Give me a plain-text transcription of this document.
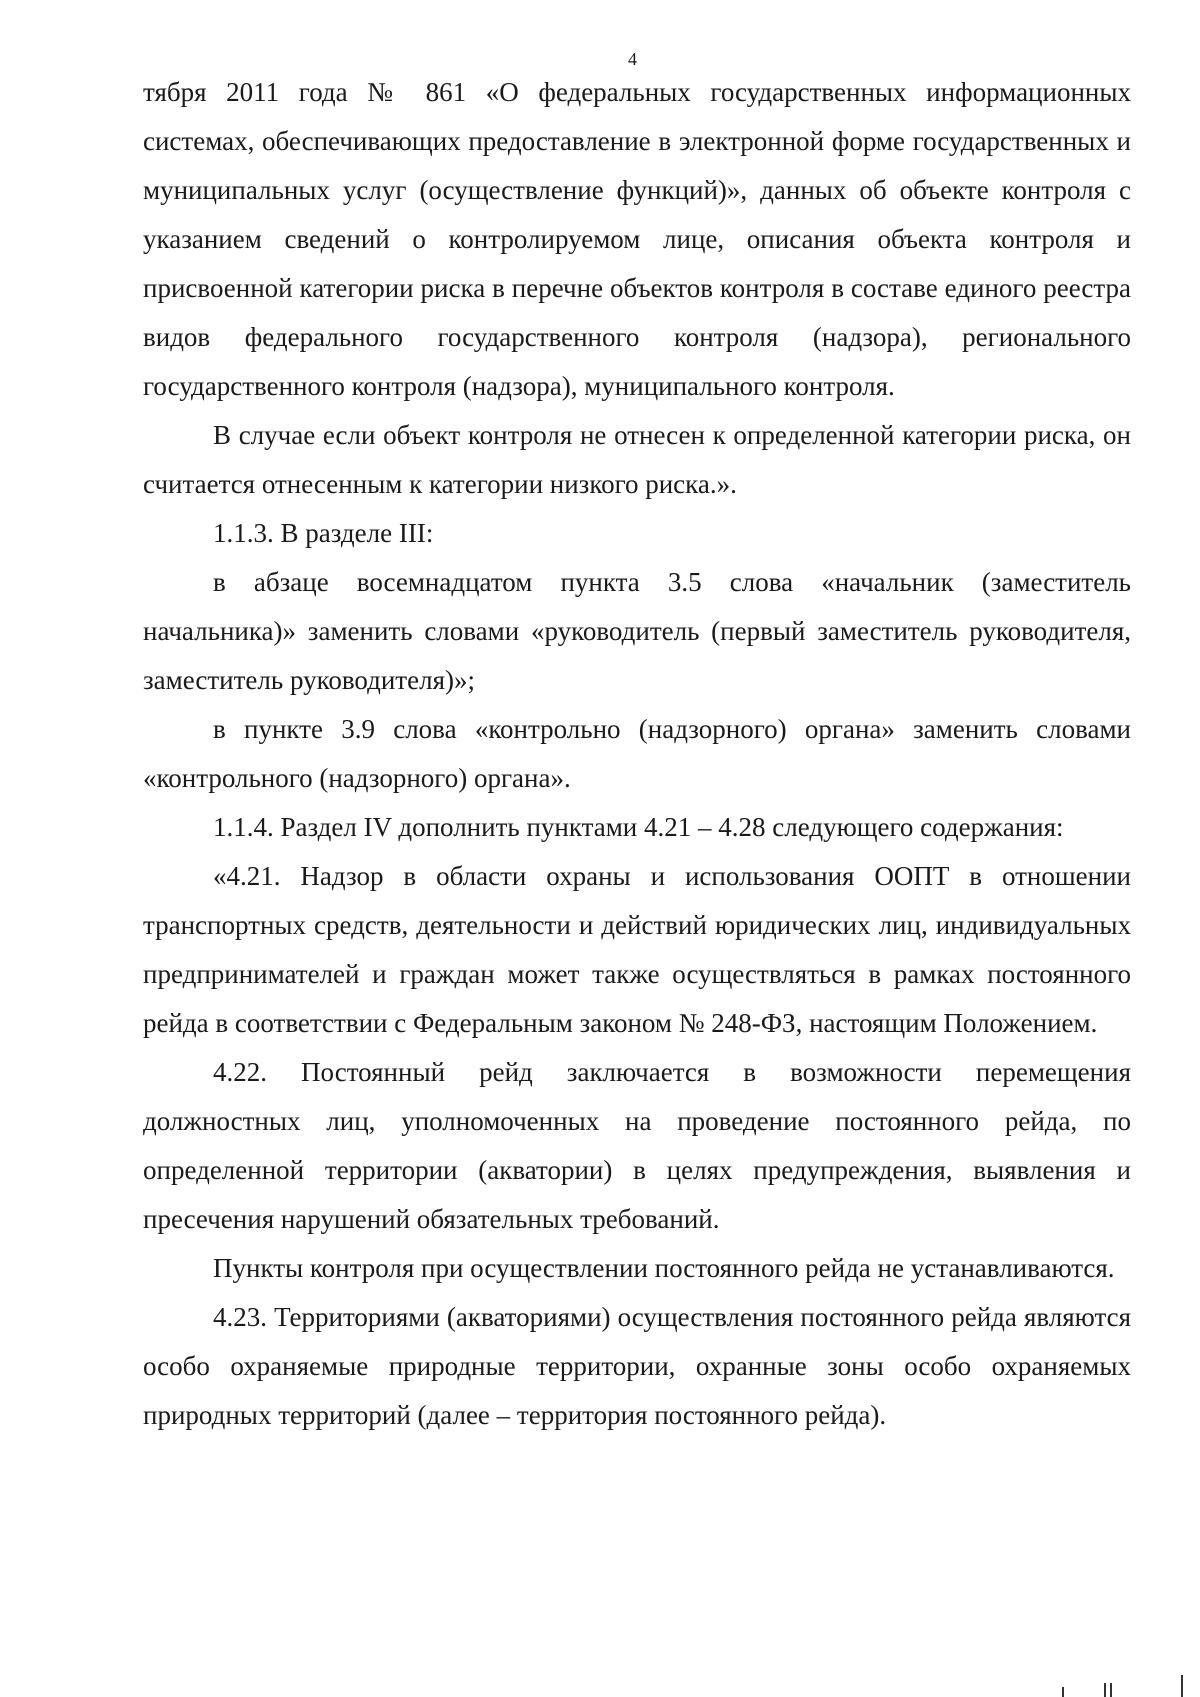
4

тября 2011 года № 861 «О федеральных государственных информационных системах, обеспечивающих предоставление в электронной форме государственных и муниципальных услуг (осуществление функций)», данных об объекте контроля с указанием сведений о контролируемом лице, описания объекта контроля и присвоенной категории риска в перечне объектов контроля в составе единого реестра видов федерального государственного контроля (надзора), регионального государственного контроля (надзора), муниципального контроля.

В случае если объект контроля не отнесен к определенной категории риска, он считается отнесенным к категории низкого риска.».

1.1.3. В разделе III:

в абзаце восемнадцатом пункта 3.5 слова «начальник (заместитель начальника)» заменить словами «руководитель (первый заместитель руководителя, заместитель руководителя)»;

в пункте 3.9 слова «контрольно (надзорного) органа» заменить словами «контрольного (надзорного) органа».

1.1.4. Раздел IV дополнить пунктами 4.21 – 4.28 следующего содержания:

«4.21. Надзор в области охраны и использования ООПТ в отношении транспортных средств, деятельности и действий юридических лиц, индивидуальных предпринимателей и граждан может также осуществляться в рамках постоянного рейда в соответствии с Федеральным законом № 248-ФЗ, настоящим Положением.

4.22. Постоянный рейд заключается в возможности перемещения должностных лиц, уполномоченных на проведение постоянного рейда, по определенной территории (акватории) в целях предупреждения, выявления и пресечения нарушений обязательных требований.

Пункты контроля при осуществлении постоянного рейда не устанавливаются.

4.23. Территориями (акваториями) осуществления постоянного рейда являются особо охраняемые природные территории, охранные зоны особо охраняемых природных территорий (далее – территория постоянного рейда).
